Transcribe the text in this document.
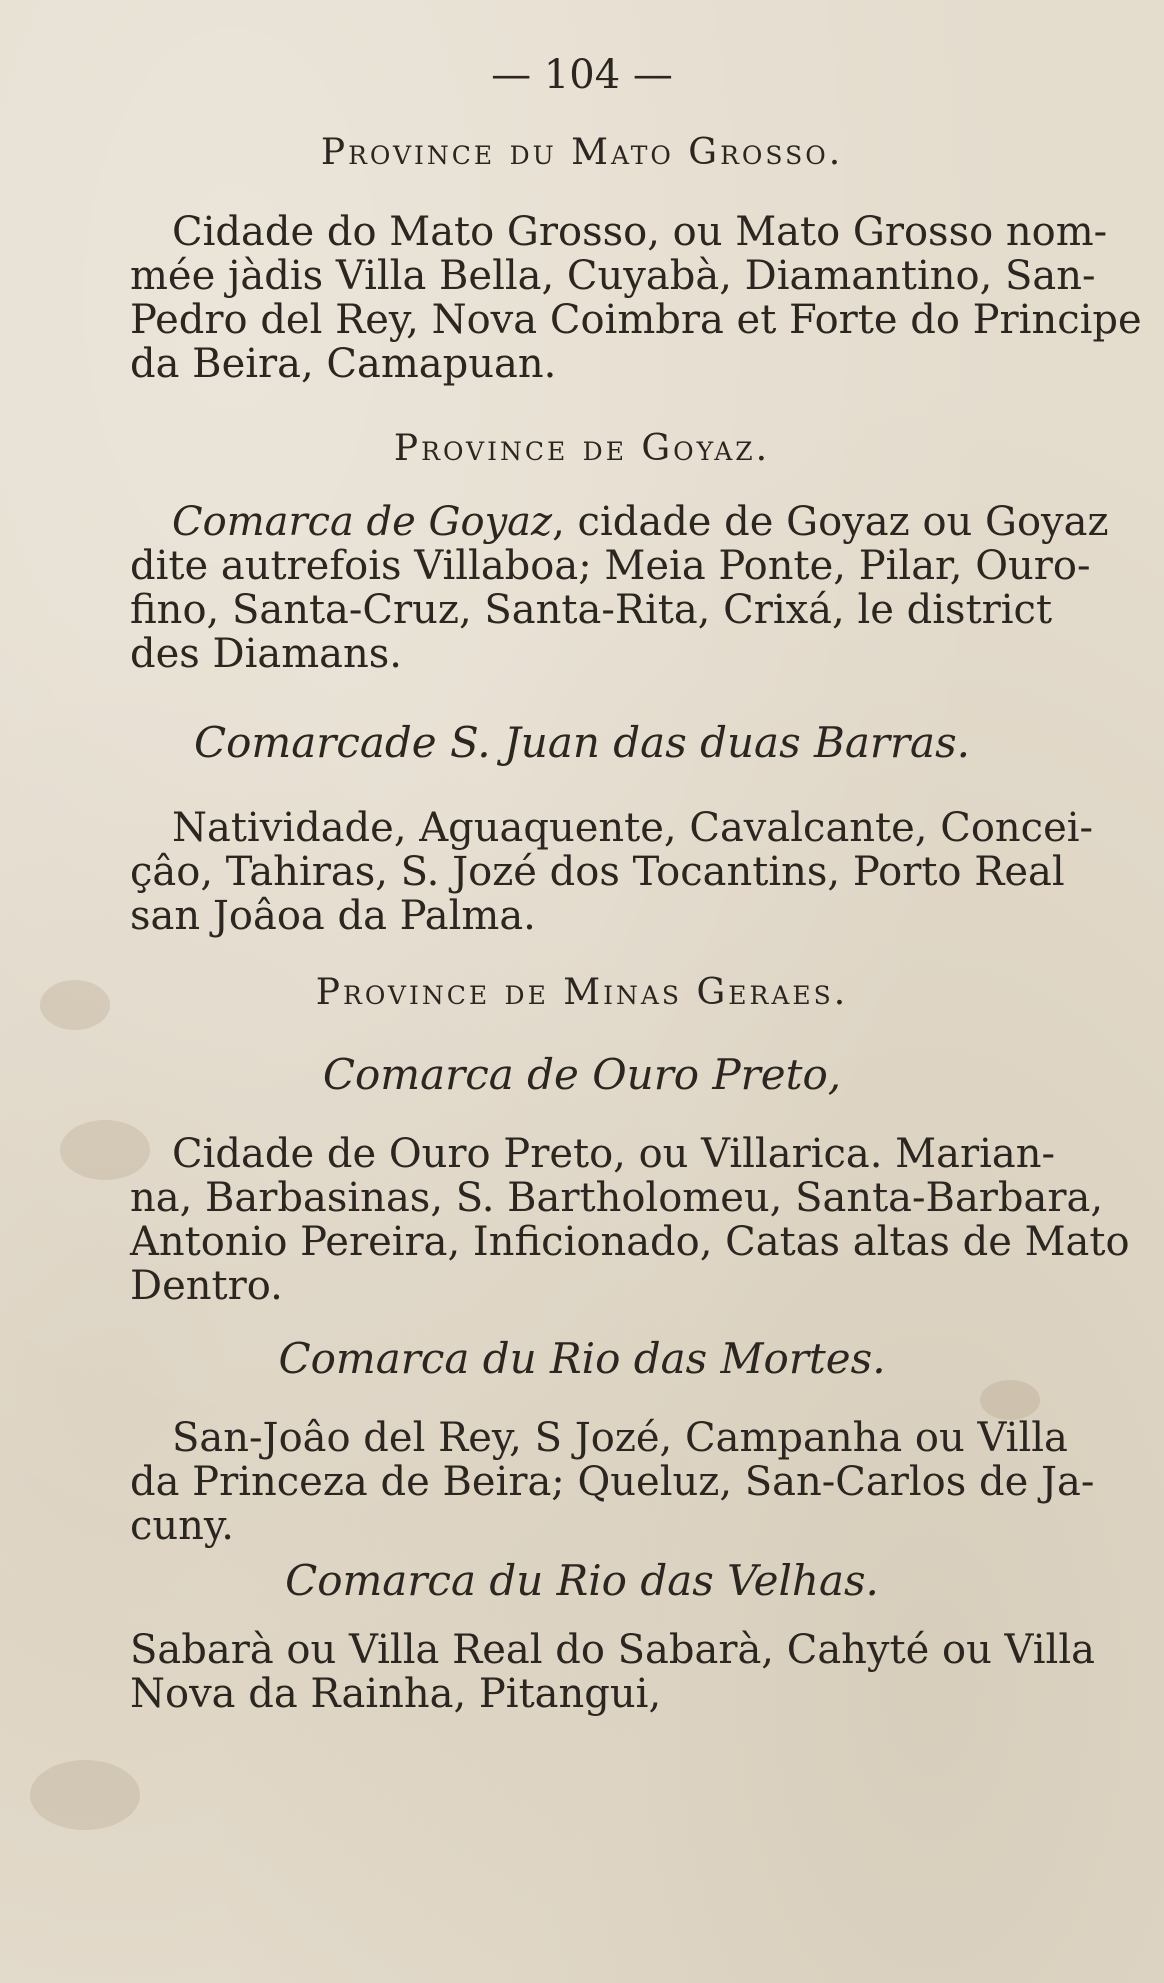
— 104 —

Province du Mato Grosso.

Cidade do Mato Grosso, ou Mato Grosso nom-
mée jàdis Villa Bella, Cuyabà, Diamantino, San-
Pedro del Rey, Nova Coimbra et Forte do Principe
da Beira, Camapuan.

Province de Goyaz.

Comarca de Goyaz, cidade de Goyaz ou Goyaz
dite autrefois Villaboa; Meia Ponte, Pilar, Ouro-
fino, Santa-Cruz, Santa-Rita, Crixá, le district
des Diamans.

Comarcade S. Juan das duas Barras.

Natividade, Aguaquente, Cavalcante, Concei-
çâo, Tahiras, S. Jozé dos Tocantins, Porto Real
san Joâoa da Palma.

Province de Minas Geraes.

Comarca de Ouro Preto,

Cidade de Ouro Preto, ou Villarica. Marian-
na, Barbasinas, S. Bartholomeu, Santa-Barbara,
Antonio Pereira, Inficionado, Catas altas de Mato
Dentro.

Comarca du Rio das Mortes.

San-Joâo del Rey, S Jozé, Campanha ou Villa
da Princeza de Beira; Queluz, San-Carlos de Ja-
cuny.

Comarca du Rio das Velhas.

Sabarà ou Villa Real do Sabarà, Cahyté ou Villa
Nova da Rainha, Pitangui,
